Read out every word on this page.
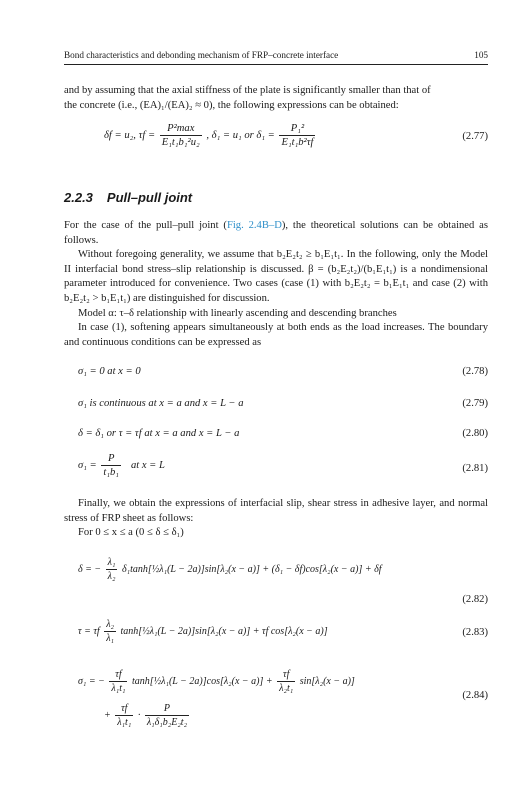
Bond characteristics and debonding mechanism of FRP–concrete interface	105
and by assuming that the axial stiffness of the plate is significantly smaller than that of
the concrete (i.e., (EA)₁/(EA)₂ ≈ 0), the following expressions can be obtained:
δf = u₂, $\tau f = \frac{\text{P²max}}{\text{E₁t₁b₁²u₂}}$ , δ₁ = u₁ or $\delta_1 = \frac{\text{P₁²}}{\text{E₁t₁b²τf}}$	(2.77)
2.2.3 Pull–pull joint
For the case of the pull–pull joint (Fig. 2.4B–D), the theoretical solutions can be obtained as follows.
Without foregoing generality, we assume that b₂E₂t₂ ≥ b₁E₁t₁. In the following, only the Model II interfacial bond stress–slip relationship is discussed. β = (b₂E₂t₂)/(b₁E₁t₁) is a nondimensional parameter introduced for convenience. Two cases (case (1) with b₂E₂t₂ = b₁E₁t₁ and case (2) with b₂E₂t₂ > b₁E₁t₁) are distinguished for discussion.
Model α: τ–δ relationship with linearly ascending and descending branches
In case (1), softening appears simultaneously at both ends as the load increases. The boundary and continuous conditions can be expressed as
σ₁ = 0 at x = 0	(2.78)
σ₁ is continuous at x = a and x = L − a	(2.79)
δ = δ₁ or τ = τf at x = a and x = L − a	(2.80)
$\sigma_1 = \frac{P}{\text{t₁b₁}}$ at x = L	(2.81)
Finally, we obtain the expressions of interfacial slip, shear stress in adhesive layer, and normal stress of FRP sheet as follows:
For 0 ≤ x ≤ a (0 ≤ δ ≤ δ₁)
δ = − $\frac{\text{λ₁}}{\text{λ₂}}$ δ₁tanh[½λ₁(L − 2a)]sin[λ₂(x − a)] + (δ₁ − δf)cos[λ₂(x − a)] + δf
(2.82)
τ = τf $\frac{\text{λ₂}}{\text{λ₁}}$ tanh[½λ₁(L − 2a)]sin[λ₂(x − a)] + τf cos[λ₂(x − a)]	(2.83)
σ₁ = − $\frac{\tau f}{\text{λ₁t₁}}$ tanh[½λ₁(L − $2a)]\cos[\lambda_2(x - a)] + \frac{\tau f}{\text{λ₂t₁}} \sin[\lambda_2(x - a)]$
+ $\frac{\tau f}{\text{λ₁t₁}} \cdot \frac{P}{\text{λ₁δ₁b₂E₂t₂}}$
(2.84)
